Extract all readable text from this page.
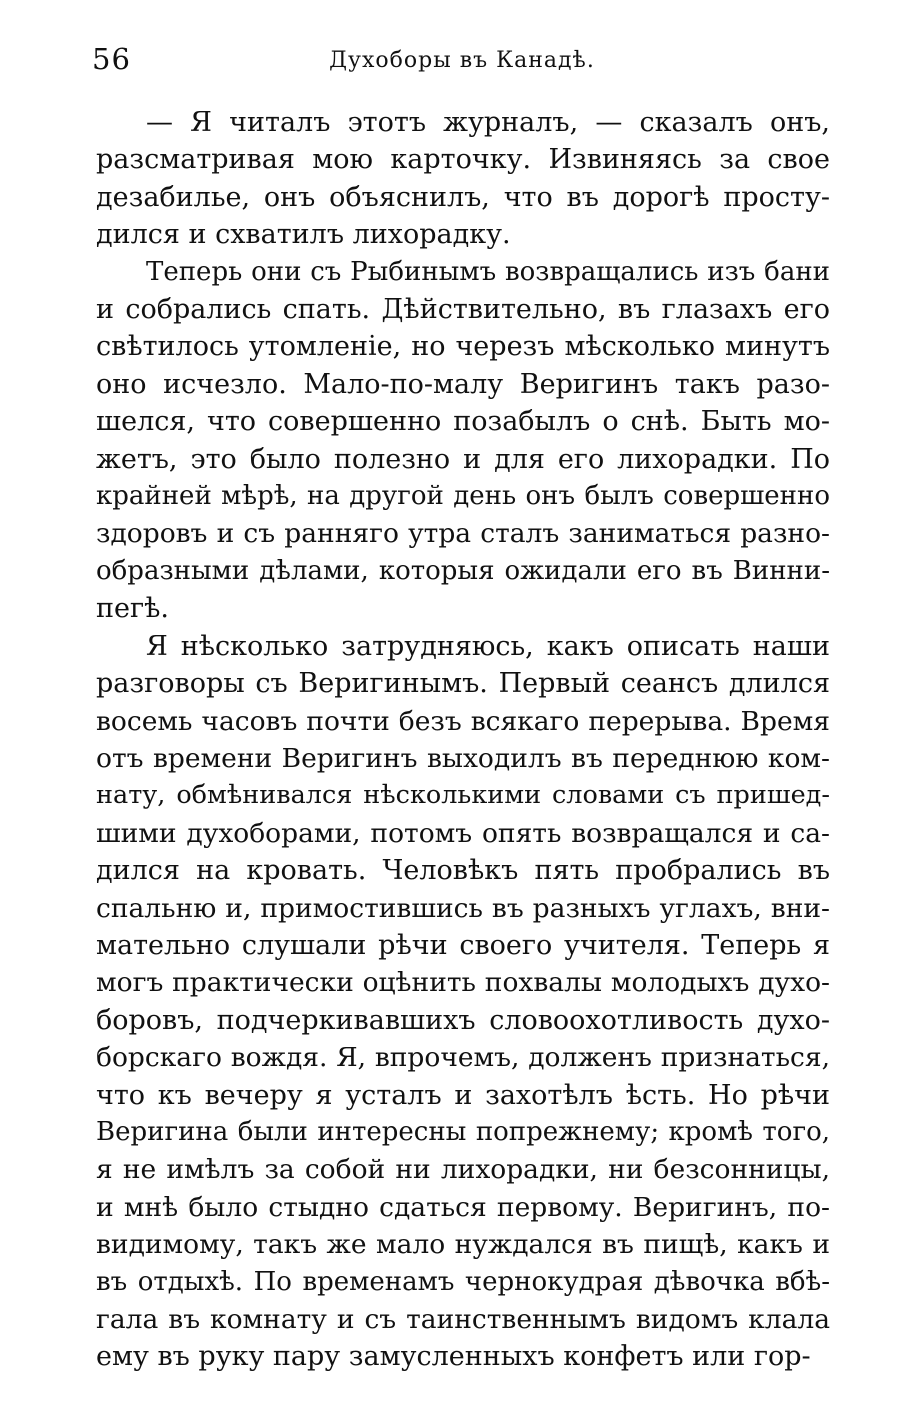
56	Духоборы въ Канадѣ.
— Я читалъ этотъ журналъ, — сказалъ онъ,
разсматривая мою карточку. Извиняясь за свое
дезабилье, онъ объяснилъ, что въ дорогѣ просту-
дился и схватилъ лихорадку.
Теперь они съ Рыбинымъ возвращались изъ бани
и собрались спать. Дѣйствительно, въ глазахъ его
свѣтилось утомленіе, но черезъ мѣсколько минутъ
оно исчезло. Мало-по-малу Веригинъ такъ разо-
шелся, что совершенно позабылъ о снѣ. Быть мо-
жетъ, это было полезно и для его лихорадки. По
крайней мѣрѣ, на другой день онъ былъ совершенно
здоровъ и съ ранняго утра сталъ заниматься разно-
образными дѣлами, которыя ожидали его въ Винни-
пегѣ.
Я нѣсколько затрудняюсь, какъ описать наши
разговоры съ Веригинымъ. Первый сеансъ длился
восемь часовъ почти безъ всякаго перерыва. Время
отъ времени Веригинъ выходилъ въ переднюю ком-
нату, обмѣнивался нѣсколькими словами съ пришед-
шими духоборами, потомъ опять возвращался и са-
дился на кровать. Человѣкъ пять пробрались въ
спальню и, примостившись въ разныхъ углахъ, вни-
мательно слушали рѣчи своего учителя. Теперь я
могъ практически оцѣнить похвалы молодыхъ духо-
боровъ, подчеркивавшихъ словоохотливость духо-
борскаго вождя. Я, впрочемъ, долженъ признаться,
что къ вечеру я усталъ и захотѣлъ ѣсть. Но рѣчи
Веригина были интересны попрежнему; кромѣ того,
я не имѣлъ за собой ни лихорадки, ни безсонницы,
и мнѣ было стыдно сдаться первому. Веригинъ, по-
видимому, такъ же мало нуждался въ пищѣ, какъ и
въ отдыхѣ. По временамъ чернокудрая дѣвочка вбѣ-
гала въ комнату и съ таинственнымъ видомъ клала
ему въ руку пару замусленныхъ конфетъ или гор-
